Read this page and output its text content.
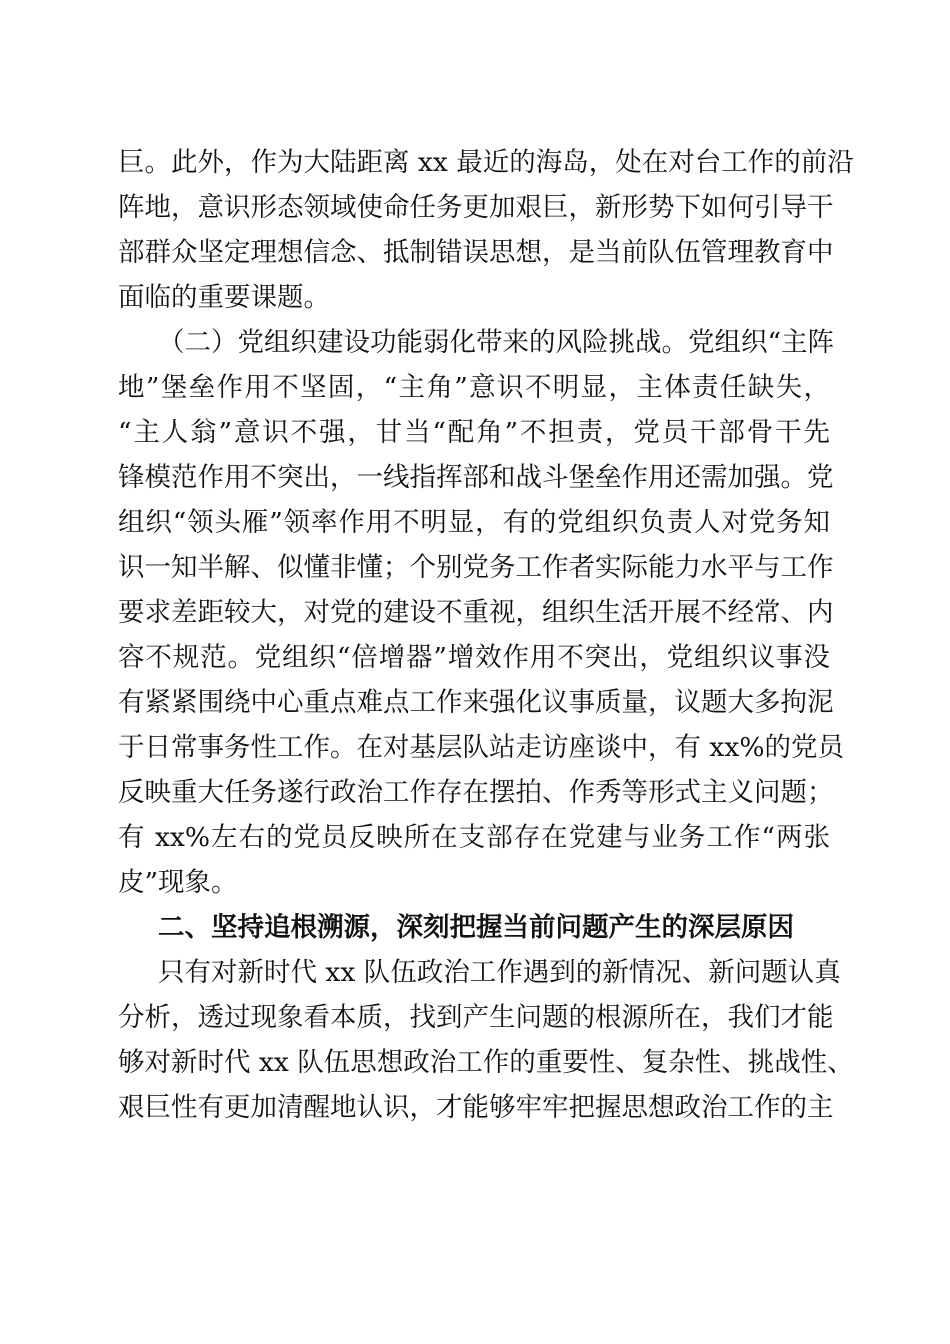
巨。此外，作为大陆距离 xx 最近的海岛，处在对台工作的前沿
阵地，意识形态领域使命任务更加艰巨，新形势下如何引导干
部群众坚定理想信念、抵制错误思想，是当前队伍管理教育中
面临的重要课题。
（二）党组织建设功能弱化带来的风险挑战。党组织“主阵
地”堡垒作用不坚固，“主角”意识不明显，主体责任缺失，
“主人翁”意识不强，甘当“配角”不担责，党员干部骨干先
锋模范作用不突出，一线指挥部和战斗堡垒作用还需加强。党
组织“领头雁”领率作用不明显，有的党组织负责人对党务知
识一知半解、似懂非懂；个别党务工作者实际能力水平与工作
要求差距较大，对党的建设不重视，组织生活开展不经常、内
容不规范。党组织“倍增器”增效作用不突出，党组织议事没
有紧紧围绕中心重点难点工作来强化议事质量，议题大多拘泥
于日常事务性工作。在对基层队站走访座谈中，有 xx%的党员
反映重大任务遂行政治工作存在摆拍、作秀等形式主义问题；
有 xx%左右的党员反映所在支部存在党建与业务工作“两张
皮”现象。
二、坚持追根溯源，深刻把握当前问题产生的深层原因
只有对新时代 xx 队伍政治工作遇到的新情况、新问题认真
分析，透过现象看本质，找到产生问题的根源所在，我们才能
够对新时代 xx 队伍思想政治工作的重要性、复杂性、挑战性、
艰巨性有更加清醒地认识，才能够牢牢把握思想政治工作的主
